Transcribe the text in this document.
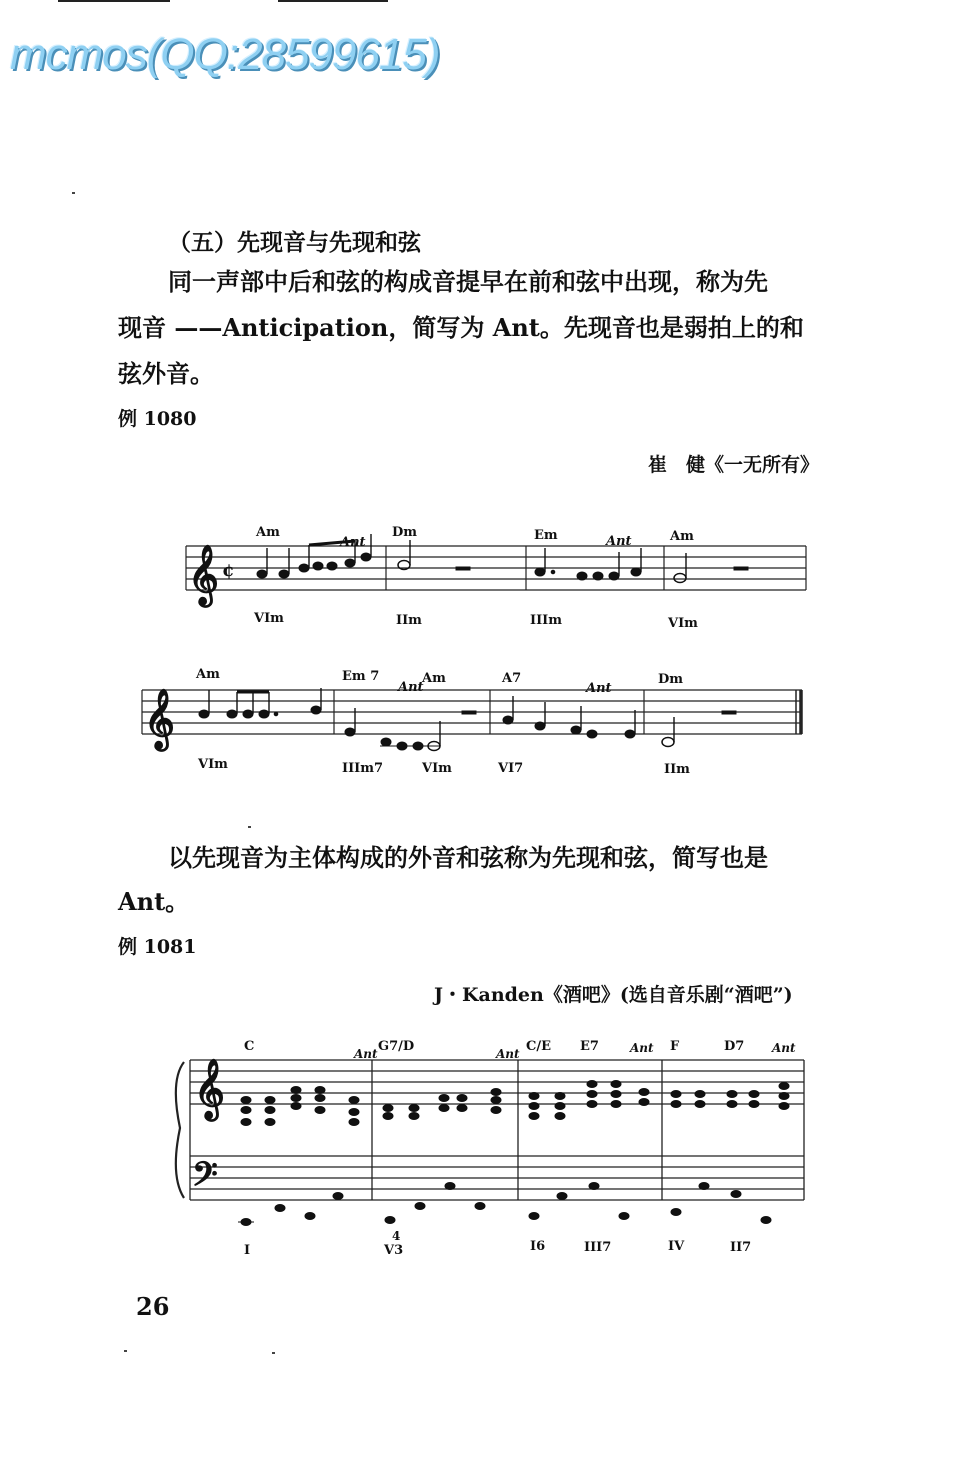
mcmos(QQ:28599615)
（五）先现音与先现和弦
同一声部中后和弦的构成音提早在前和弦中出现，称为先
现音 ——Anticipation，简写为 Ant。先现音也是弱拍上的和
弦外音。
例 1080
崔　健《一无所有》
𝄞 ¢
Am
Ant
Dm	Em	Ant	Am
VIm	IIm	IIIm	VIm
𝄞
Am	Em 7
Ant
Am	A7
Ant
Dm
VIm	IIIm7	VIm	VI7	IIm
以先现音为主体构成的外音和弦称为先现和弦，简写也是
Ant。
例 1081
J・Kanden《酒吧》(选自音乐剧“酒吧”)
𝄞
𝄢
C	Ant G7/D	Ant C/E E7	Ant F	D7 Ant
I
4
V3	I6	III7	IV	II7
26
